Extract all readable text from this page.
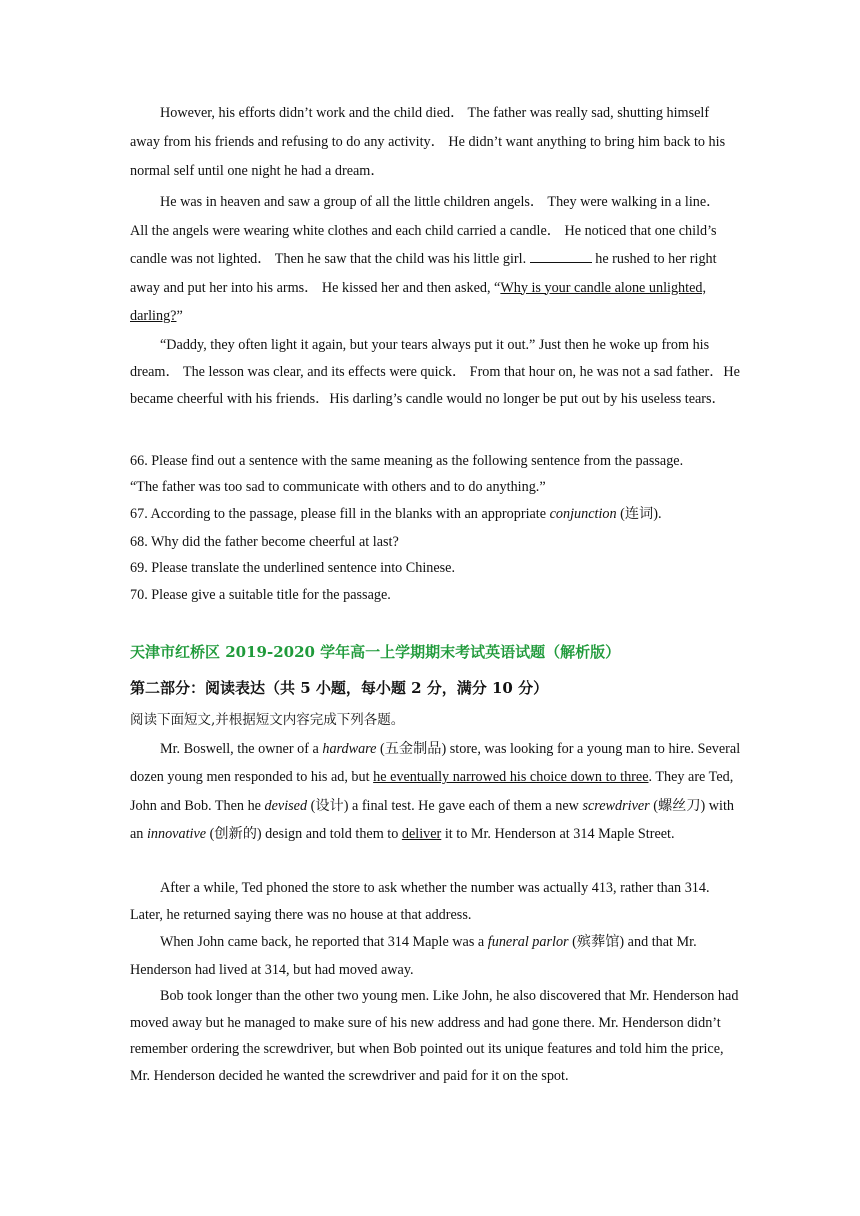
However, his efforts didn’t work and the child died． The father was really sad, shutting himself away from his friends and refusing to do any activity． He didn’t want anything to bring him back to his normal self until one night he had a dream．

He was in heaven and saw a group of all the little children angels． They were walking in a line． All the angels were wearing white clothes and each child carried a candle． He noticed that one child’s candle was not lighted． Then he saw that the child was his little girl.	he rushed to her right away and put her into his arms． He kissed her and then asked, “Why is your candle alone unlighted, darling?”

“Daddy, they often light it again, but your tears always put it out.” Just then he woke up from his dream． The lesson was clear, and its effects were quick． From that hour on, he was not a sad father．He became cheerful with his friends．His darling’s candle would no longer be put out by his useless tears．

66. Please find out a sentence with the same meaning as the following sentence from the passage.
“The father was too sad to communicate with others and to do anything.”
67. According to the passage, please fill in the blanks with an appropriate conjunction (连词).
68. Why did the father become cheerful at last?
69. Please translate the underlined sentence into Chinese.
70. Please give a suitable title for the passage.
天津市红桥区 2019-2020 学年高一上学期期末考试英语试题（解析版）
第二部分：阅读表达（共 5 小题，每小题 2 分，满分 10 分）
阅读下面短文,并根据短文内容完成下列各题。

Mr. Boswell, the owner of a hardware (五金制品) store, was looking for a young man to hire. Several dozen young men responded to his ad, but he eventually narrowed his choice down to three. They are Ted, John and Bob. Then he devised (设计) a final test. He gave each of them a new screwdriver (螺丝刀) with an innovative (创新的) design and told them to deliver it to Mr. Henderson at 314 Maple Street.

After a while, Ted phoned the store to ask whether the number was actually 413, rather than 314. Later, he returned saying there was no house at that address.

When John came back, he reported that 314 Maple was a funeral parlor (殡葬馆) and that Mr. Henderson had lived at 314, but had moved away.

Bob took longer than the other two young men. Like John, he also discovered that Mr. Henderson had moved away but he managed to make sure of his new address and had gone there. Mr. Henderson didn’t remember ordering the screwdriver, but when Bob pointed out its unique features and told him the price, Mr. Henderson decided he wanted the screwdriver and paid for it on the spot.
